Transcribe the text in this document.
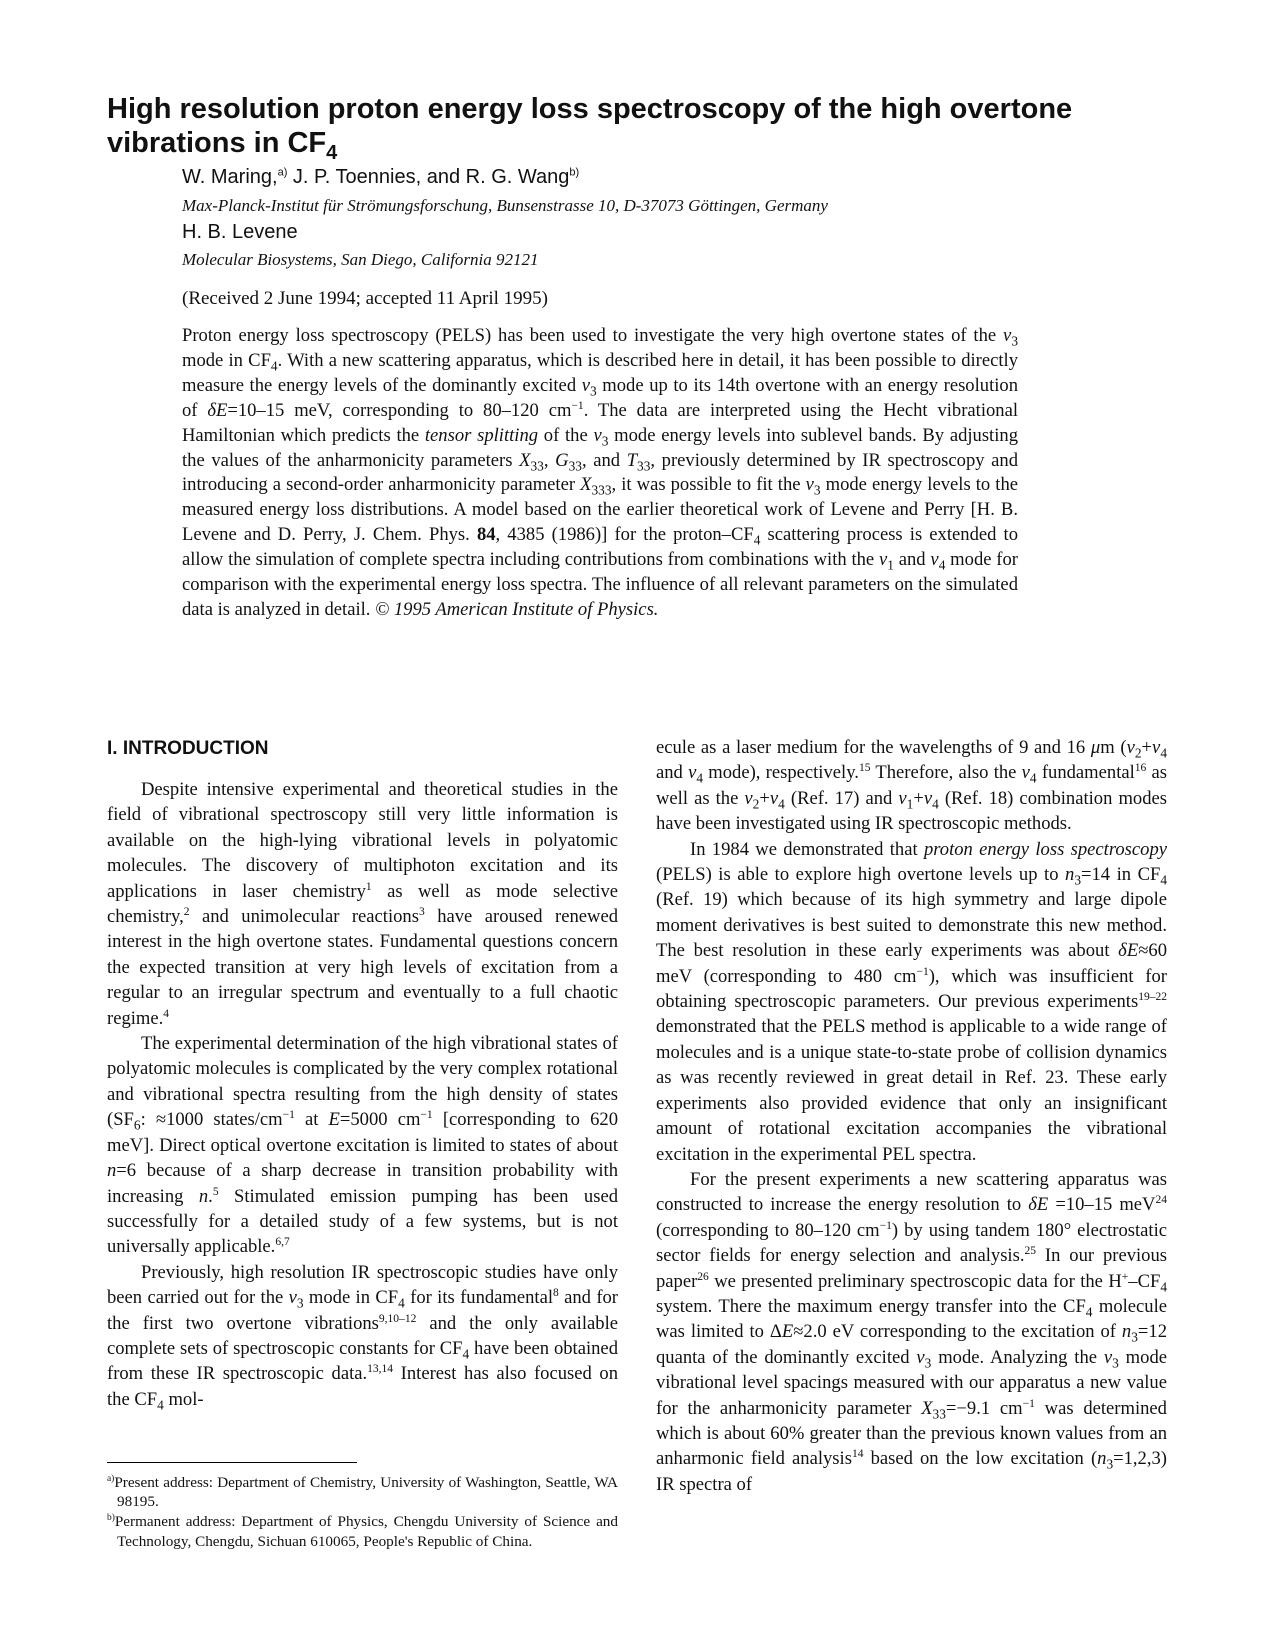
High resolution proton energy loss spectroscopy of the high overtone vibrations in $CF_4$
W. Maring,$^{a)}$ J. P. Toennies, and R. G. Wang$^{b)}$
Max-Planck-Institut für Strömungsforschung, Bunsenstrasse 10, D-37073 Göttingen, Germany
H. B. Levene
Molecular Biosystems, San Diego, California 92121
(Received 2 June 1994; accepted 11 April 1995)
Proton energy loss spectroscopy (PELS) has been used to investigate the very high overtone states of the $\nu_3$ mode in $CF_4$. With a new scattering apparatus, which is described here in detail, it has been possible to directly measure the energy levels of the dominantly excited $\nu_3$ mode up to its 14th overtone with an energy resolution of δE=10–15 meV, corresponding to 80–120 $cm^{-1}$. The data are interpreted using the Hecht vibrational Hamiltonian which predicts the tensor splitting of the $\nu_3$ mode energy levels into sublevel bands. By adjusting the values of the anharmonicity parameters $X_{33}$, $G_{33}$, and $T_{33}$, previously determined by IR spectroscopy and introducing a second-order anharmonicity parameter $X_{333}$, it was possible to fit the $\nu_3$ mode energy levels to the measured energy loss distributions. A model based on the earlier theoretical work of Levene and Perry [H. B. Levene and D. Perry, J. Chem. Phys. 84, 4385 (1986)] for the proton–$CF_4$ scattering process is extended to allow the simulation of complete spectra including contributions from combinations with the $\nu_1$ and $\nu_4$ mode for comparison with the experimental energy loss spectra. The influence of all relevant parameters on the simulated data is analyzed in detail. © 1995 American Institute of Physics.
I. INTRODUCTION

Despite intensive experimental and theoretical studies in the field of vibrational spectroscopy still very little information is available on the high-lying vibrational levels in polyatomic molecules. The discovery of multiphoton excitation and its applications in laser chemistry$^1$ as well as mode selective chemistry,$^2$ and unimolecular reactions$^3$ have aroused renewed interest in the high overtone states. Fundamental questions concern the expected transition at very high levels of excitation from a regular to an irregular spectrum and eventually to a full chaotic regime.$^4$

The experimental determination of the high vibrational states of polyatomic molecules is complicated by the very complex rotational and vibrational spectra resulting from the high density of states ($SF_6$: ≈1000 states/$cm^{-1}$ at E=5000 $cm^{-1}$ [corresponding to 620 meV]. Direct optical overtone excitation is limited to states of about n=6 because of a sharp decrease in transition probability with increasing n.$^5$ Stimulated emission pumping has been used successfully for a detailed study of a few systems, but is not universally applicable.$^{6,7}$

Previously, high resolution IR spectroscopic studies have only been carried out for the $\nu_3$ mode in $CF_4$ for its fundamental$^8$ and for the first two overtone vibrations$^{9,10-12}$ and the only available complete sets of spectroscopic constants for $CF_4$ have been obtained from these IR spectroscopic data.$^{13,14}$ Interest has also focused on the $CF_4$ mol-

$^{a)}$Present address: Department of Chemistry, University of Washington, Seattle, WA 98195.

$^{b)}$Permanent address: Department of Physics, Chengdu University of Science and Technology, Chengdu, Sichuan 610065, People's Republic of China.

ecule as a laser medium for the wavelengths of 9 and 16 μm ($\nu_2+\nu_4$ and $\nu_4$ mode), respectively.$^{15}$ Therefore, also the $\nu_4$ fundamental$^{16}$ as well as the $\nu_2+\nu_4$ (Ref. 17) and $\nu_1+\nu_4$ (Ref. 18) combination modes have been investigated using IR spectroscopic methods.

In 1984 we demonstrated that proton energy loss spectroscopy (PELS) is able to explore high overtone levels up to $n_3=14$ in $CF_4$ (Ref. 19) which because of its high symmetry and large dipole moment derivatives is best suited to demonstrate this new method. The best resolution in these early experiments was about δE≈60 meV (corresponding to 480 $cm^{-1}$), which was insufficient for obtaining spectroscopic parameters. Our previous experiments$^{19-22}$ demonstrated that the PELS method is applicable to a wide range of molecules and is a unique state-to-state probe of collision dynamics as was recently reviewed in great detail in Ref. 23. These early experiments also provided evidence that only an insignificant amount of rotational excitation accompanies the vibrational excitation in the experimental PEL spectra.

For the present experiments a new scattering apparatus was constructed to increase the energy resolution to δE =10–15 meV$^{24}$ (corresponding to 80–120 $cm^{-1}$) by using tandem 180° electrostatic sector fields for energy selection and analysis.$^{25}$ In our previous paper$^{26}$ we presented preliminary spectroscopic data for the $H^+-CF_4$ system. There the maximum energy transfer into the $CF_4$ molecule was limited to ΔE≈2.0 eV corresponding to the excitation of $n_3=12$ quanta of the dominantly excited $\nu_3$ mode. Analyzing the $\nu_3$ mode vibrational level spacings measured with our apparatus a new value for the anharmonicity parameter $X_{33}=-9.1$ $cm^{-1}$ was determined which is about 60% greater than the previous known values from an anharmonic field analysis$^{14}$ based on the low excitation $(n_3=1,2,3)$ IR spectra of
